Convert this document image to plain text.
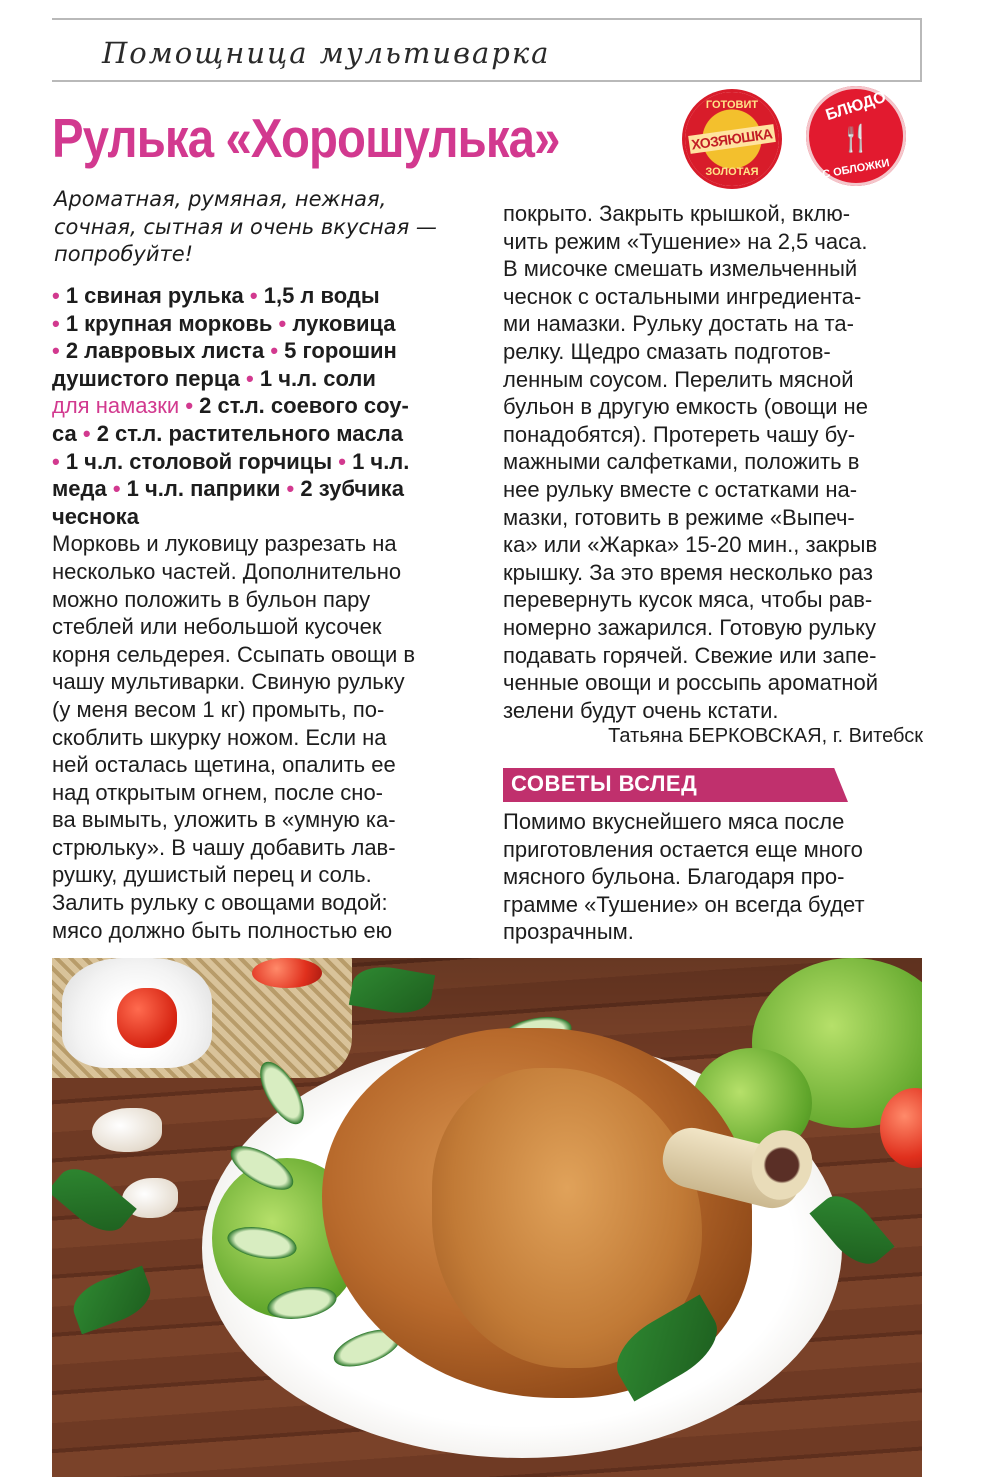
Помощница мультиварка
Рулька «Хорошулька»
ГОТОВИТ
ХОЗЯЮШКА
ЗОЛОТАЯ
БЛЮДО
🍴
С ОБЛОЖКИ
Ароматная, румяная, нежная,
сочная, сытная и очень вкусная —
попробуйте!
• 1 свиная рулька • 1,5 л воды
• 1 крупная морковь • луковица
• 2 лавровых листа • 5 горошин
душистого перца • 1 ч.л. соли
для намазки • 2 ст.л. соевого соу-
са • 2 ст.л. растительного масла
• 1 ч.л. столовой горчицы • 1 ч.л.
меда • 1 ч.л. паприки • 2 зубчика
чеснока
Морковь и луковицу разрезать на
несколько частей. Дополнительно
можно положить в бульон пару
стеблей или небольшой кусочек
корня сельдерея. Ссыпать овощи в
чашу мультиварки. Свиную рульку
(у меня весом 1 кг) промыть, по-
скоблить шкурку ножом. Если на
ней осталась щетина, опалить ее
над открытым огнем, после сно-
ва вымыть, уложить в «умную ка-
стрюльку». В чашу добавить лав-
рушку, душистый перец и соль.
Залить рульку с овощами водой:
мясо должно быть полностью ею
покрыто. Закрыть крышкой, вклю-
чить режим «Тушение» на 2,5 часа.
В мисочке смешать измельченный
чеснок с остальными ингредиента-
ми намазки. Рульку достать на та-
релку. Щедро смазать подготов-
ленным соусом. Перелить мясной
бульон в другую емкость (овощи не
понадобятся). Протереть чашу бу-
мажными салфетками, положить в
нее рульку вместе с остатками на-
мазки, готовить в режиме «Выпеч-
ка» или «Жарка» 15-20 мин., закрыв
крышку. За это время несколько раз
перевернуть кусок мяса, чтобы рав-
номерно зажарился. Готовую рульку
подавать горячей. Свежие или запе-
ченные овощи и россыпь ароматной
зелени будут очень кстати.
Татьяна БЕРКОВСКАЯ, г. Витебск
СОВЕТЫ ВСЛЕД
Помимо вкуснейшего мяса после
приготовления остается еще много
мясного бульона. Благодаря про-
грамме «Тушение» он всегда будет
прозрачным.
